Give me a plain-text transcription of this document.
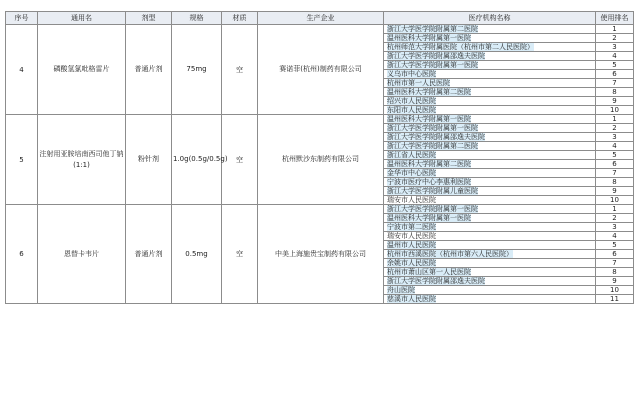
序号	通用名	剂型	规格	材质	生产企业	医疗机构名称	使用排名
4	磷酸氢氯吡格雷片	普通片剂	75mg	空	赛诺菲(杭州)制药有限公司	浙江大学医学院附属第二医院	1
						温州医科大学附属第一医院	2
						杭州师范大学附属医院（杭州市第二人民医院）	3
						浙江大学医学院附属邵逸夫医院	4
						浙江大学医学院附属第一医院	5
						义乌市中心医院	6
						杭州市第一人民医院	7
						温州医科大学附属第二医院	8
						绍兴市人民医院	9
						东阳市人民医院	10
5	注射用亚胺培南西司他丁钠(1:1)	粉针剂	1.0g(0.5g/0.5g)	空	杭州默沙东制药有限公司	温州医科大学附属第一医院	1
						浙江大学医学院附属第一医院	2
						浙江大学医学院附属邵逸夫医院	3
						浙江大学医学院附属第二医院	4
						浙江省人民医院	5
						温州医科大学附属第二医院	6
						金华市中心医院	7
						宁波市医疗中心李惠利医院	8
						浙江大学医学院附属儿童医院	9
						瑞安市人民医院	10
6	恩替卡韦片	普通片剂	0.5mg	空	中美上海施贵宝制药有限公司	浙江大学医学院附属第一医院	1
						温州医科大学附属第一医院	2
						宁波市第二医院	3
						瑞安市人民医院	4
						温州市人民医院	5
						杭州市西溪医院（杭州市第六人民医院）	6
						余姚市人民医院	7
						杭州市萧山区第一人民医院	8
						浙江大学医学院附属邵逸夫医院	9
						舟山医院	10
						慈溪市人民医院	11
